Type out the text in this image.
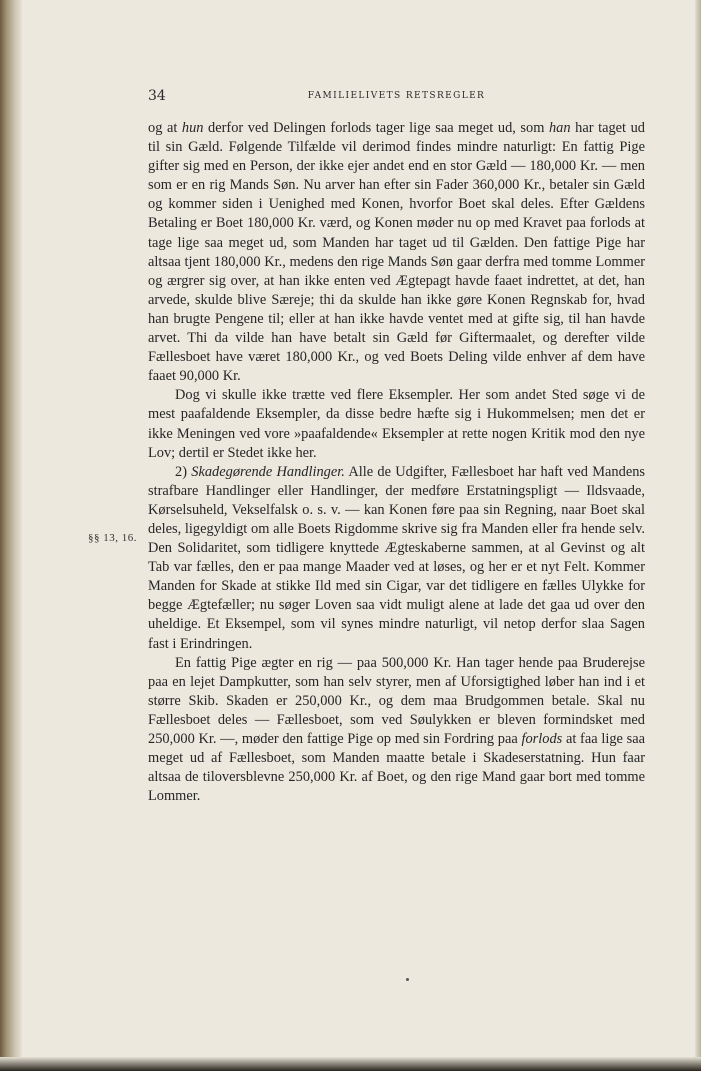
34	FAMILIELIVETS RETSREGLER
§§ 13, 16.

og at hun derfor ved Delingen forlods tager lige saa meget ud, som han har taget ud til sin Gæld. Følgende Tilfælde vil derimod findes mindre naturligt: En fattig Pige gifter sig med en Person, der ikke ejer andet end en stor Gæld — 180,000 Kr. — men som er en rig Mands Søn. Nu arver han efter sin Fader 360,000 Kr., betaler sin Gæld og kommer siden i Uenighed med Konen, hvorfor Boet skal deles. Efter Gældens Betaling er Boet 180,000 Kr. værd, og Konen møder nu op med Kravet paa forlods at tage lige saa meget ud, som Manden har taget ud til Gælden. Den fattige Pige har altsaa tjent 180,000 Kr., medens den rige Mands Søn gaar derfra med tomme Lommer og ærgrer sig over, at han ikke enten ved Ægtepagt havde faaet indrettet, at det, han arvede, skulde blive Særeje; thi da skulde han ikke gøre Konen Regnskab for, hvad han brugte Pengene til; eller at han ikke havde ventet med at gifte sig, til han havde arvet. Thi da vilde han have betalt sin Gæld før Giftermaalet, og derefter vilde Fællesboet have været 180,000 Kr., og ved Boets Deling vilde enhver af dem have faaet 90,000 Kr.

Dog vi skulle ikke trætte ved flere Eksempler. Her som andet Sted søge vi de mest paafaldende Eksempler, da disse bedre hæfte sig i Hukommelsen; men det er ikke Meningen ved vore »paafaldende« Eksempler at rette nogen Kritik mod den nye Lov; dertil er Stedet ikke her.

2) Skadegørende Handlinger. Alle de Udgifter, Fællesboet har haft ved Mandens strafbare Handlinger eller Handlinger, der medføre Erstatningspligt — Ildsvaade, Kørselsuheld, Vekselfalsk o. s. v. — kan Konen føre paa sin Regning, naar Boet skal deles, ligegyldigt om alle Boets Rigdomme skrive sig fra Manden eller fra hende selv. Den Solidaritet, som tidligere knyttede Ægteskaberne sammen, at al Gevinst og alt Tab var fælles, den er paa mange Maader ved at løses, og her er et nyt Felt. Kommer Manden for Skade at stikke Ild med sin Cigar, var det tidligere en fælles Ulykke for begge Ægtefæller; nu søger Loven saa vidt muligt alene at lade det gaa ud over den uheldige. Et Eksempel, som vil synes mindre naturligt, vil netop derfor slaa Sagen fast i Erindringen.

En fattig Pige ægter en rig — paa 500,000 Kr. Han tager hende paa Bruderejse paa en lejet Dampkutter, som han selv styrer, men af Uforsigtighed løber han ind i et større Skib. Skaden er 250,000 Kr., og dem maa Brudgommen betale. Skal nu Fællesboet deles — Fællesboet, som ved Søulykken er bleven formindsket med 250,000 Kr. —, møder den fattige Pige op med sin Fordring paa forlods at faa lige saa meget ud af Fællesboet, som Manden maatte betale i Skadeserstatning. Hun faar altsaa de tiloversblevne 250,000 Kr. af Boet, og den rige Mand gaar bort med tomme Lommer.
